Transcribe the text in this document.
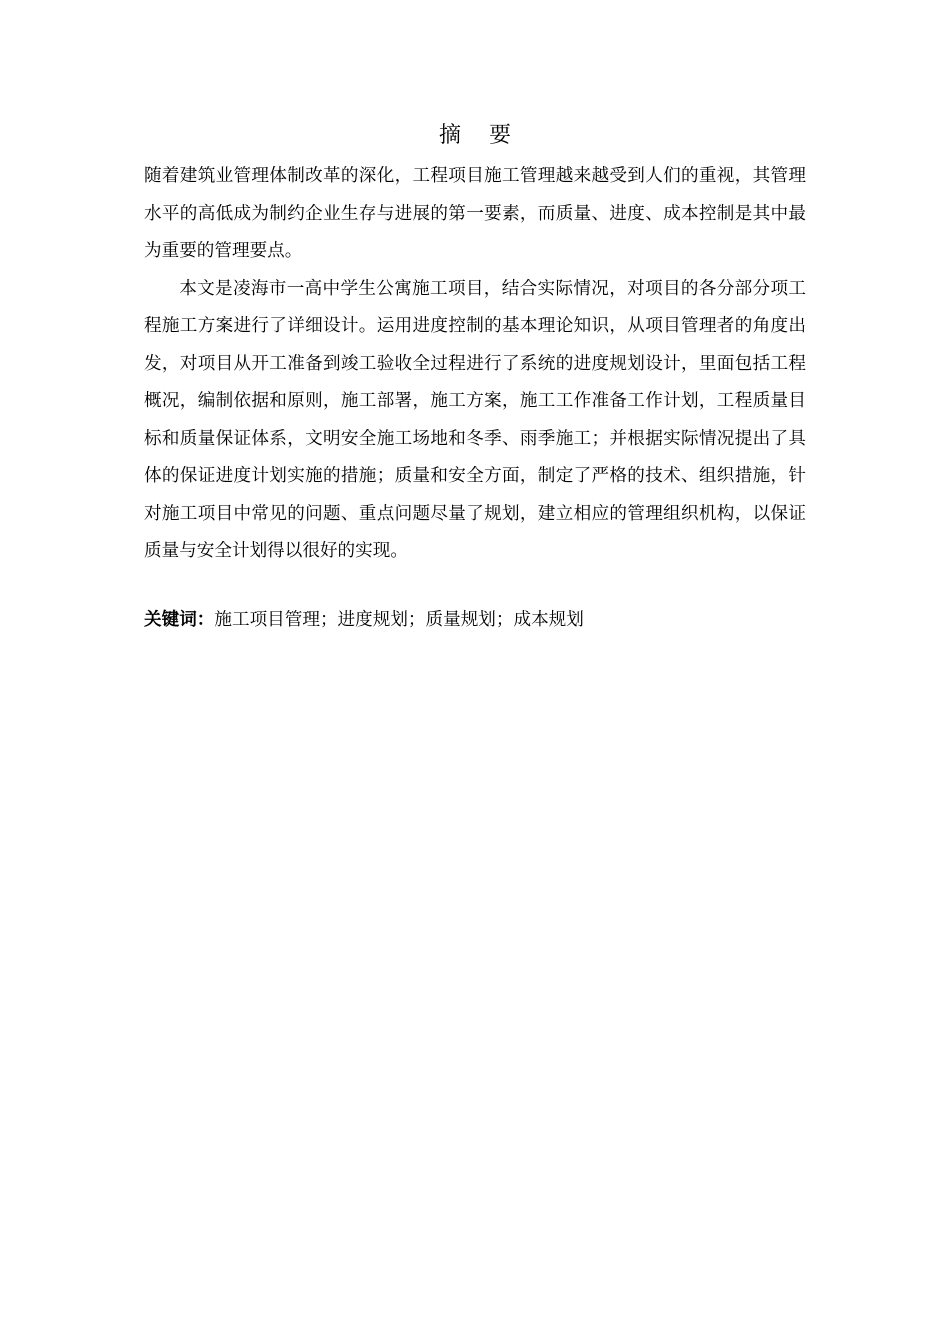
摘    要

随着建筑业管理体制改革的深化，工程项目施工管理越来越受到人们的重视，其管理水平的高低成为制约企业生存与进展的第一要素，而质量、进度、成本控制是其中最为重要的管理要点。

本文是凌海市一高中学生公寓施工项目，结合实际情况，对项目的各分部分项工程施工方案进行了详细设计。运用进度控制的基本理论知识，从项目管理者的角度出发，对项目从开工准备到竣工验收全过程进行了系统的进度规划设计，里面包括工程概况，编制依据和原则，施工部署，施工方案，施工工作准备工作计划，工程质量目标和质量保证体系，文明安全施工场地和冬季、雨季施工；并根据实际情况提出了具体的保证进度计划实施的措施；质量和安全方面，制定了严格的技术、组织措施，针对施工项目中常见的问题、重点问题尽量了规划，建立相应的管理组织机构，以保证质量与安全计划得以很好的实现。

关键词：施工项目管理；进度规划；质量规划；成本规划
